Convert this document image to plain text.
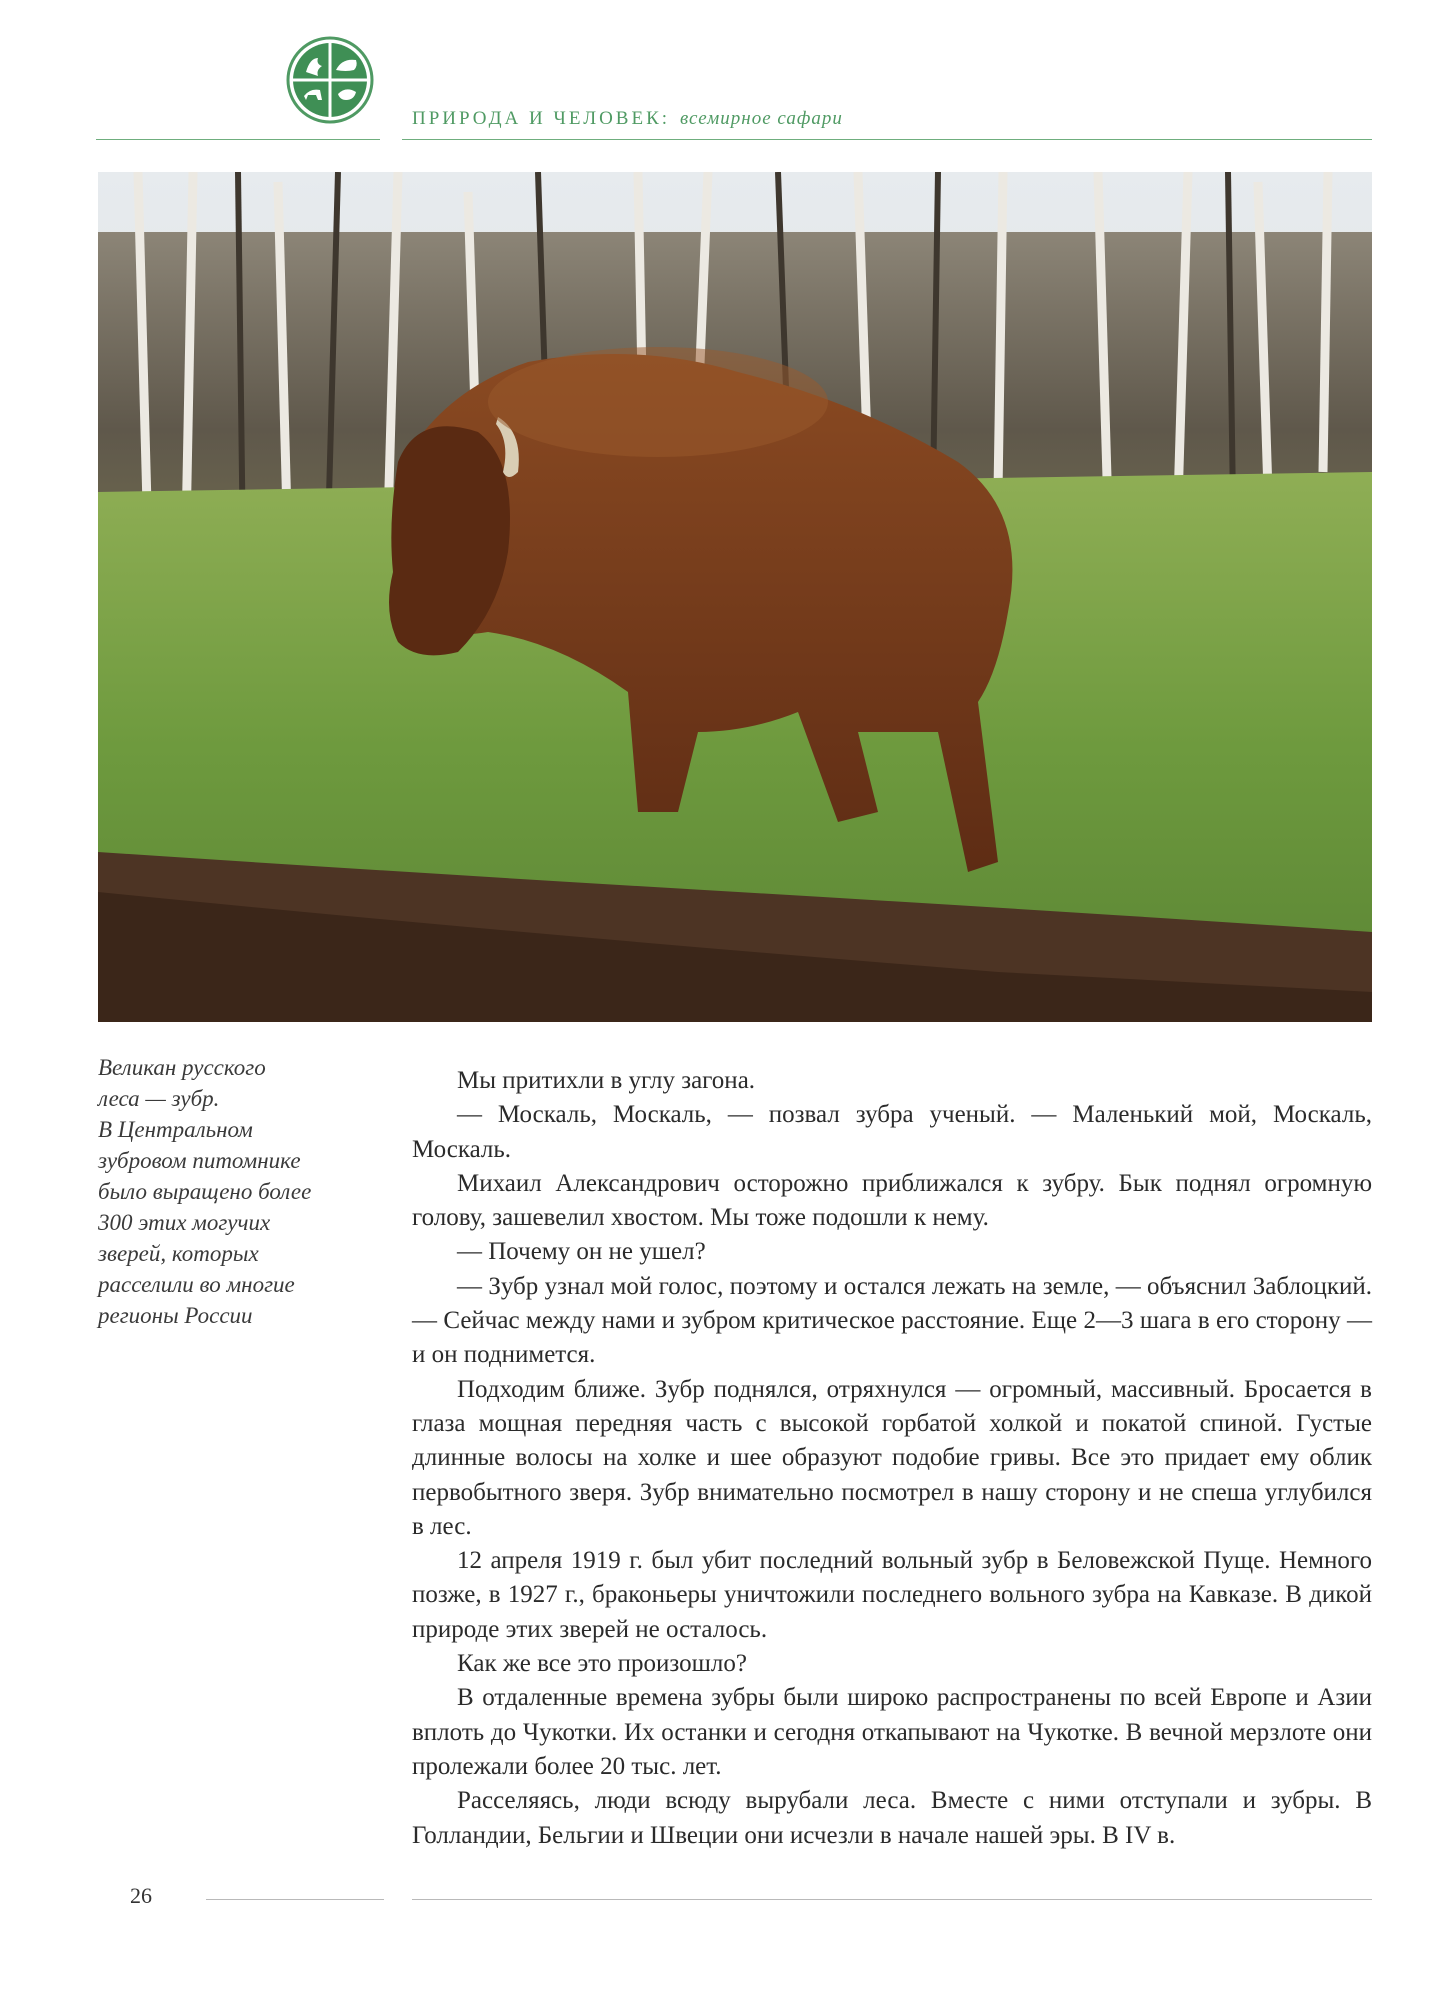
ПРИРОДА И ЧЕЛОВЕК: всемирное сафари
Великан русского
леса — зубр.
В Центральном
зубровом питомнике
было выращено более
300 этих могучих
зверей, которых
расселили во многие
регионы России

Мы притихли в углу загона.

— Москаль, Москаль, — позвал зубра ученый. — Маленький мой, Москаль, Москаль.

Михаил Александрович осторожно приближался к зубру. Бык поднял огромную голову, зашевелил хвостом. Мы тоже подошли к нему.

— Почему он не ушел?

— Зубр узнал мой голос, поэтому и остался лежать на земле, — объяснил Заблоцкий. — Сейчас между нами и зубром критическое расстояние. Еще 2—3 шага в его сторону — и он поднимется.

Подходим ближе. Зубр поднялся, отряхнулся — огромный, массивный. Бросается в глаза мощная передняя часть с высокой горбатой холкой и покатой спиной. Густые длинные волосы на холке и шее образуют подобие гривы. Все это придает ему облик первобытного зверя. Зубр внимательно посмотрел в нашу сторону и не спеша углубился в лес.

12 апреля 1919 г. был убит последний вольный зубр в Беловежской Пуще. Немного позже, в 1927 г., браконьеры уничтожили последнего вольного зубра на Кавказе. В дикой природе этих зверей не осталось.

Как же все это произошло?

В отдаленные времена зубры были широко распространены по всей Европе и Азии вплоть до Чукотки. Их останки и сегодня откапывают на Чукотке. В вечной мерзлоте они пролежали более 20 тыс. лет.

Расселяясь, люди всюду вырубали леса. Вместе с ними отступали и зубры. В Голландии, Бельгии и Швеции они исчезли в начале нашей эры. В IV в.

26
